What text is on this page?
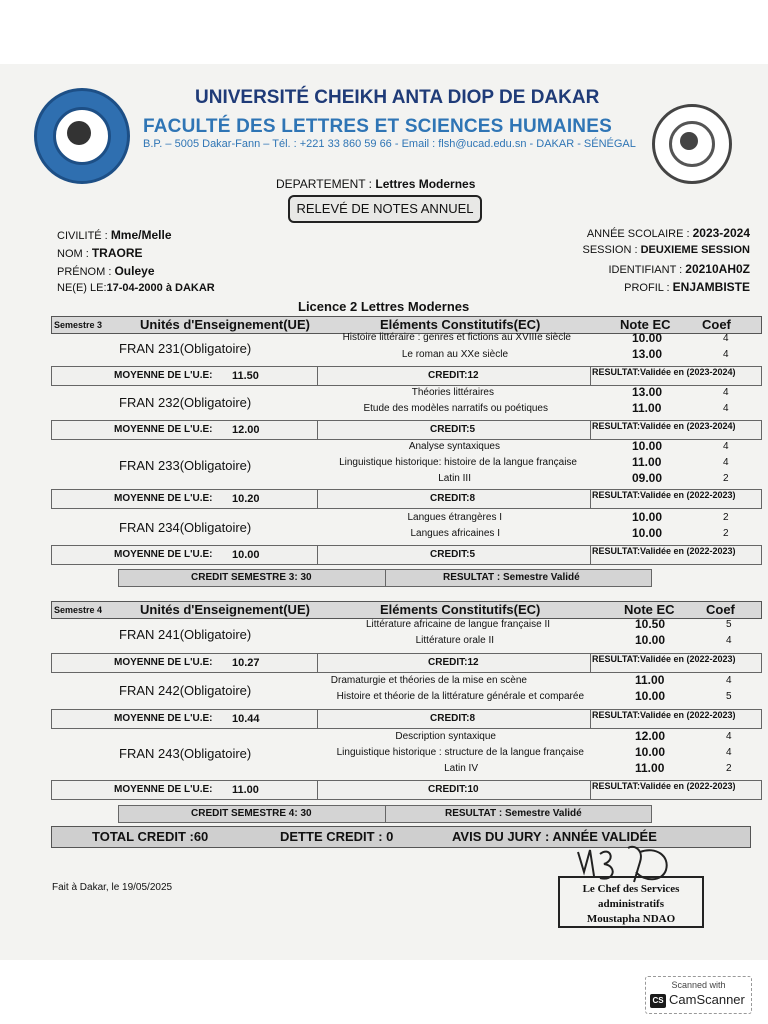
UNIVERSITÉ CHEIKH ANTA DIOP DE DAKAR
FACULTÉ DES LETTRES ET SCIENCES HUMAINES
B.P. – 5005 Dakar-Fann – Tél. : +221 33 860 59 66 - Email : flsh@ucad.edu.sn - DAKAR - SÉNÉGAL
DEPARTEMENT : Lettres Modernes
RELEVÉ DE NOTES ANNUEL
CIVILITÉ : Mme/Melle
NOM : TRAORE
PRÉNOM : Ouleye
NE(E) LE:17-04-2000 à DAKAR
ANNÉE SCOLAIRE : 2023-2024
SESSION : DEUXIEME SESSION
IDENTIFIANT : 20210AH0Z
PROFIL : ENJAMBISTE
Licence 2 Lettres Modernes
Semestre 3	Unités d'Enseignement(UE)	Eléments Constitutifs(EC)	Note EC Coef
FRAN 231(Obligatoire)
Histoire littéraire : genres et fictions au XVIIIe siècle	10.00	4
Le roman au XXe siècle	13.00	4
MOYENNE DE L'U.E: 11.50	CREDIT:12	RESULTAT:Validée en (2023-2024)
FRAN 232(Obligatoire)
Théories littéraires	13.00	4
Etude des modèles narratifs ou poétiques	11.00	4
MOYENNE DE L'U.E: 12.00	CREDIT:5	RESULTAT:Validée en (2023-2024)
FRAN 233(Obligatoire)
Analyse syntaxiques	10.00	4
Linguistique historique: histoire de la langue française	11.00	4
Latin III	09.00	2
MOYENNE DE L'U.E: 10.20	CREDIT:8	RESULTAT:Validée en (2022-2023)
FRAN 234(Obligatoire)
Langues étrangères I	10.00	2
Langues africaines I	10.00	2
MOYENNE DE L'U.E: 10.00	CREDIT:5	RESULTAT:Validée en (2022-2023)
CREDIT SEMESTRE 3: 30	RESULTAT : Semestre Validé
Semestre 4	Unités d'Enseignement(UE)	Eléments Constitutifs(EC)	Note EC Coef
FRAN 241(Obligatoire)
Littérature africaine de langue française II	10.50	5
Littérature orale II	10.00	4
MOYENNE DE L'U.E: 10.27	CREDIT:12	RESULTAT:Validée en (2022-2023)
FRAN 242(Obligatoire)
Dramaturgie et théories de la mise en scène	11.00	4
Histoire et théorie de la littérature générale et comparée	10.00	5
MOYENNE DE L'U.E: 10.44	CREDIT:8	RESULTAT:Validée en (2022-2023)
FRAN 243(Obligatoire)
Description syntaxique	12.00	4
Linguistique historique : structure de la langue française	10.00	4
Latin IV	11.00	2
MOYENNE DE L'U.E: 11.00	CREDIT:10	RESULTAT:Validée en (2022-2023)
CREDIT SEMESTRE 4: 30	RESULTAT : Semestre Validé
TOTAL CREDIT :60	DETTE CREDIT : 0	AVIS DU JURY : ANNÉE VALIDÉE
Fait à Dakar, le 19/05/2025	Le Chef des Services
administratifs
Moustapha NDAO
Scanned with
CS CamScanner
